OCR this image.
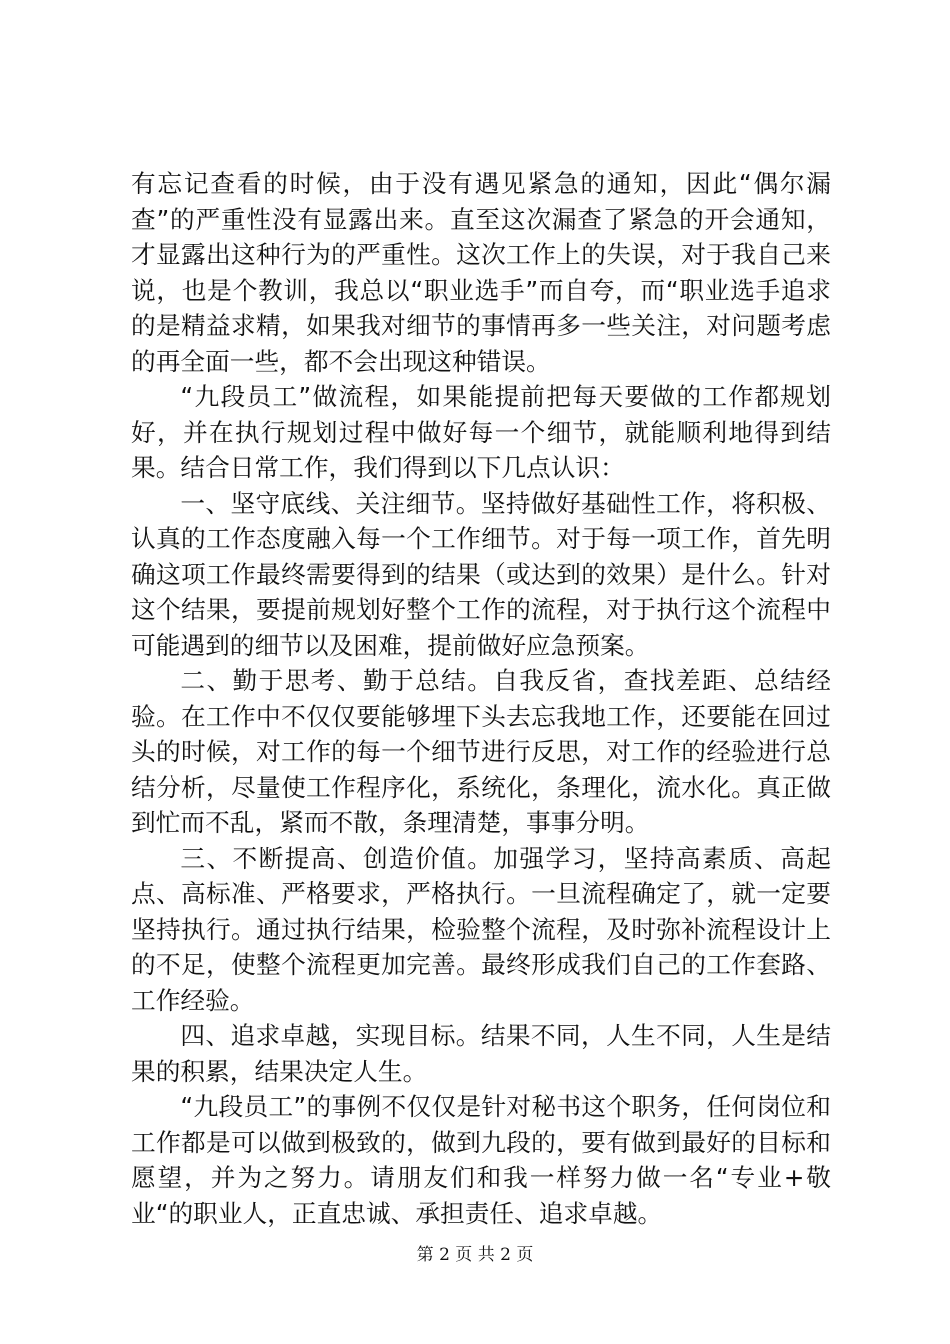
有忘记查看的时候，由于没有遇见紧急的通知，因此“偶尔漏查”的严重性没有显露出来。直至这次漏查了紧急的开会通知，才显露出这种行为的严重性。这次工作上的失误，对于我自己来说，也是个教训，我总以“职业选手”而自夸，而“职业选手追求的是精益求精，如果我对细节的事情再多一些关注，对问题考虑的再全面一些，都不会出现这种错误。

“九段员工”做流程，如果能提前把每天要做的工作都规划好，并在执行规划过程中做好每一个细节，就能顺利地得到结果。结合日常工作，我们得到以下几点认识：

一、坚守底线、关注细节。坚持做好基础性工作，将积极、认真的工作态度融入每一个工作细节。对于每一项工作，首先明确这项工作最终需要得到的结果（或达到的效果）是什么。针对这个结果，要提前规划好整个工作的流程，对于执行这个流程中可能遇到的细节以及困难，提前做好应急预案。

二、勤于思考、勤于总结。自我反省，查找差距、总结经验。在工作中不仅仅要能够埋下头去忘我地工作，还要能在回过头的时候，对工作的每一个细节进行反思，对工作的经验进行总结分析，尽量使工作程序化，系统化，条理化，流水化。真正做到忙而不乱，紧而不散，条理清楚，事事分明。

三、不断提高、创造价值。加强学习，坚持高素质、高起点、高标准、严格要求，严格执行。一旦流程确定了，就一定要坚持执行。通过执行结果，检验整个流程，及时弥补流程设计上的不足，使整个流程更加完善。最终形成我们自己的工作套路、工作经验。

四、追求卓越，实现目标。结果不同，人生不同，人生是结果的积累，结果决定人生。

“九段员工”的事例不仅仅是针对秘书这个职务，任何岗位和工作都是可以做到极致的，做到九段的，要有做到最好的目标和愿望，并为之努力。请朋友们和我一样努力做一名“专业+敬业“的职业人，正直忠诚、承担责任、追求卓越。

第 2 页 共 2 页
